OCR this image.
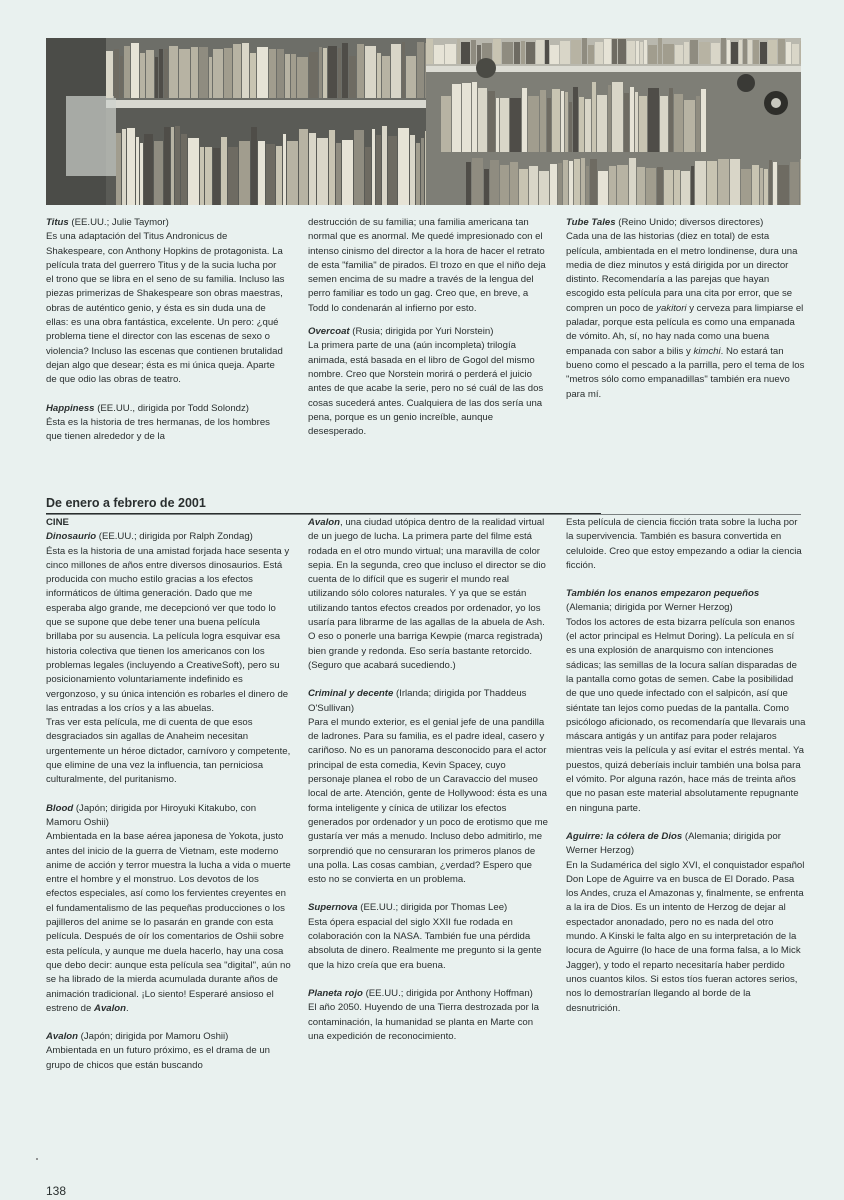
Titus (EE.UU.; Julie Taymor)
Es una adaptación del Titus Andronicus de Shakespeare, con Anthony Hopkins de protagonista. La película trata del guerrero Titus y de la sucia lucha por el trono que se libra en el seno de su familia. Incluso las piezas primerizas de Shakespeare son obras maestras, obras de auténtico genio, y ésta es sin duda una de ellas: es una obra fantástica, excelente. Un pero: ¿qué problema tiene el director con las escenas de sexo o violencia? Incluso las escenas que contienen brutalidad dejan algo que desear; ésta es mi única queja. Aparte de que odio las obras de teatro.

Happiness (EE.UU., dirigida por Todd Solondz)
Ésta es la historia de tres hermanas, de los hombres que tienen alrededor y de la

destrucción de su familia; una familia americana tan normal que es anormal. Me quedé impresionado con el intenso cinismo del director a la hora de hacer el retrato de esta "familia" de pirados. El trozo en que el niño deja semen encima de su madre a través de la lengua del perro familiar es todo un gag. Creo que, en breve, a Todd lo condenarán al infierno por esto.

Overcoat (Rusia; dirigida por Yuri Norstein)
La primera parte de una (aún incompleta) trilogía animada, está basada en el libro de Gogol del mismo nombre. Creo que Norstein morirá o perderá el juicio antes de que acabe la serie, pero no sé cuál de las dos cosas sucederá antes. Cualquiera de las dos sería una pena, porque es un genio increíble, aunque desesperado.

Tube Tales (Reino Unido; diversos directores)
Cada una de las historias (diez en total) de esta película, ambientada en el metro londinense, dura una media de diez minutos y está dirigida por un director distinto. Recomendaría a las parejas que hayan escogido esta película para una cita por error, que se compren un poco de yakitori y cerveza para limpiarse el paladar, porque esta película es como una empanada de vómito. Ah, sí, no hay nada como una buena empanada con sabor a bilis y kimchi. No estará tan bueno como el pescado a la parrilla, pero el tema de los "metros sólo como empanadillas" también era nuevo para mí.

De enero a febrero de 2001
CINE

Dinosaurio (EE.UU.; dirigida por Ralph Zondag)
Ésta es la historia de una amistad forjada hace sesenta y cinco millones de años entre diversos dinosaurios. Está producida con mucho estilo gracias a los efectos informáticos de última generación. Dado que me esperaba algo grande, me decepcionó ver que todo lo que se supone que debe tener una buena película brillaba por su ausencia. La película logra esquivar esa historia colectiva que tienen los americanos con los problemas legales (incluyendo a CreativeSoft), pero su posicionamiento voluntariamente indefinido es vergonzoso, y su única intención es robarles el dinero de las entradas a los críos y a las abuelas.

Tras ver esta película, me di cuenta de que esos desgraciados sin agallas de Anaheim necesitan urgentemente un héroe dictador, carnívoro y competente, que elimine de una vez la influencia, tan perniciosa culturalmente, del puritanismo.

Blood (Japón; dirigida por Hiroyuki Kitakubo, con Mamoru Oshii)
Ambientada en la base aérea japonesa de Yokota, justo antes del inicio de la guerra de Vietnam, este moderno anime de acción y terror muestra la lucha a vida o muerte entre el hombre y el monstruo. Los devotos de los efectos especiales, así como los fervientes creyentes en el fundamentalismo de las pequeñas producciones o los pajilleros del anime se lo pasarán en grande con esta película. Después de oír los comentarios de Oshii sobre esta película, y aunque me duela hacerlo, hay una cosa que debo decir: aunque esta película sea "digital", aún no se ha librado de la mierda acumulada durante años de animación tradicional. ¡Lo siento! Esperaré ansioso el estreno de Avalon.

Avalon (Japón; dirigida por Mamoru Oshii)
Ambientada en un futuro próximo, es el drama de un grupo de chicos que están buscando

Avalon, una ciudad utópica dentro de la realidad virtual de un juego de lucha. La primera parte del filme está rodada en el otro mundo virtual; una maravilla de color sepia. En la segunda, creo que incluso el director se dio cuenta de lo difícil que es sugerir el mundo real utilizando sólo colores naturales. Y ya que se están utilizando tantos efectos creados por ordenador, yo los usaría para librarme de las agallas de la abuela de Ash. O eso o ponerle una barriga Kewpie (marca registrada) bien grande y redonda. Eso sería bastante retorcido. (Seguro que acabará sucediendo.)

Criminal y decente (Irlanda; dirigida por Thaddeus O'Sullivan)
Para el mundo exterior, es el genial jefe de una pandilla de ladrones. Para su familia, es el padre ideal, casero y cariñoso. No es un panorama desconocido para el actor principal de esta comedia, Kevin Spacey, cuyo personaje planea el robo de un Caravaccio del museo local de arte. Atención, gente de Hollywood: ésta es una forma inteligente y cínica de utilizar los efectos generados por ordenador y un poco de erotismo que me gustaría ver más a menudo. Incluso debo admitirlo, me sorprendió que no censuraran los primeros planos de una polla. Las cosas cambian, ¿verdad? Espero que esto no se convierta en un problema.

Supernova (EE.UU.; dirigida por Thomas Lee)
Esta ópera espacial del siglo XXII fue rodada en colaboración con la NASA. También fue una pérdida absoluta de dinero. Realmente me pregunto si la gente que la hizo creía que era buena.

Planeta rojo (EE.UU.; dirigida por Anthony Hoffman)
El año 2050. Huyendo de una Tierra destrozada por la contaminación, la humanidad se planta en Marte con una expedición de reconocimiento.

Esta película de ciencia ficción trata sobre la lucha por la supervivencia. También es basura convertida en celuloide. Creo que estoy empezando a odiar la ciencia ficción.

También los enanos empezaron pequeños
(Alemania; dirigida por Werner Herzog)
Todos los actores de esta bizarra película son enanos (el actor principal es Helmut Doring). La película en sí es una explosión de anarquismo con intenciones sádicas; las semillas de la locura salían disparadas de la pantalla como gotas de semen. Cabe la posibilidad de que uno quede infectado con el salpicón, así que siéntate tan lejos como puedas de la pantalla. Como psicólogo aficionado, os recomendaría que llevarais una máscara antigás y un antifaz para poder relajaros mientras veis la película y así evitar el estrés mental. Ya puestos, quizá deberíais incluir también una bolsa para el vómito. Por alguna razón, hace más de treinta años que no pasan este material absolutamente repugnante en ninguna parte.

Aguirre: la cólera de Dios (Alemania; dirigida por Werner Herzog)
En la Sudamérica del siglo XVI, el conquistador español Don Lope de Aguirre va en busca de El Dorado. Pasa los Andes, cruza el Amazonas y, finalmente, se enfrenta a la ira de Dios. Es un intento de Herzog de dejar al espectador anonadado, pero no es nada del otro mundo. A Kinski le falta algo en su interpretación de la locura de Aguirre (lo hace de una forma falsa, a lo Mick Jagger), y todo el reparto necesitaría haber perdido unos cuantos kilos. Si estos tíos fueran actores serios, nos lo demostrarían llegando al borde de la desnutrición.

138
